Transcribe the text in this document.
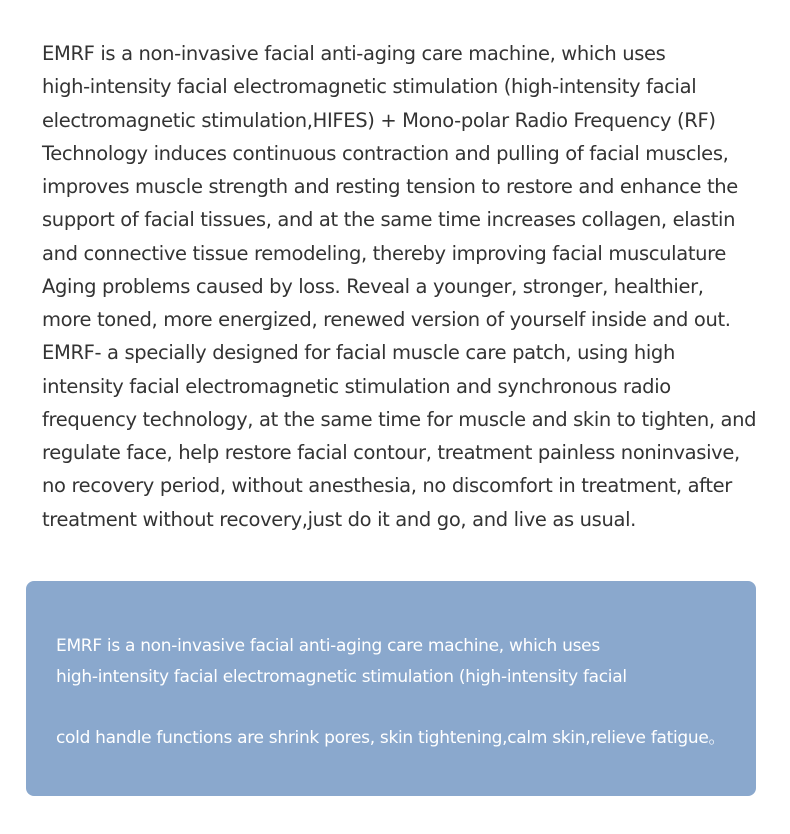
EMRF is a non-invasive facial anti-aging care machine, which uses
high-intensity facial electromagnetic stimulation (high-intensity facial
electromagnetic stimulation,HIFES) + Mono-polar Radio Frequency (RF)
Technology induces continuous contraction and pulling of facial muscles,
improves muscle strength and resting tension to restore and enhance the
support of facial tissues, and at the same time increases collagen, elastin
and connective tissue remodeling, thereby improving facial musculature
Aging problems caused by loss. Reveal a younger, stronger, healthier,
more toned, more energized, renewed version of yourself inside and out.
EMRF- a specially designed for facial muscle care patch, using high
intensity facial electromagnetic stimulation and synchronous radio
frequency technology, at the same time for muscle and skin to tighten, and
regulate face, help restore facial contour, treatment painless noninvasive,
no recovery period, without anesthesia, no discomfort in treatment, after
treatment without recovery,just do it and go, and live as usual.

EMRF is a non-invasive facial anti-aging care machine, which uses
high-intensity facial electromagnetic stimulation (high-intensity facial
cold handle functions are shrink pores, skin tightening,calm skin,relieve fatigue。
